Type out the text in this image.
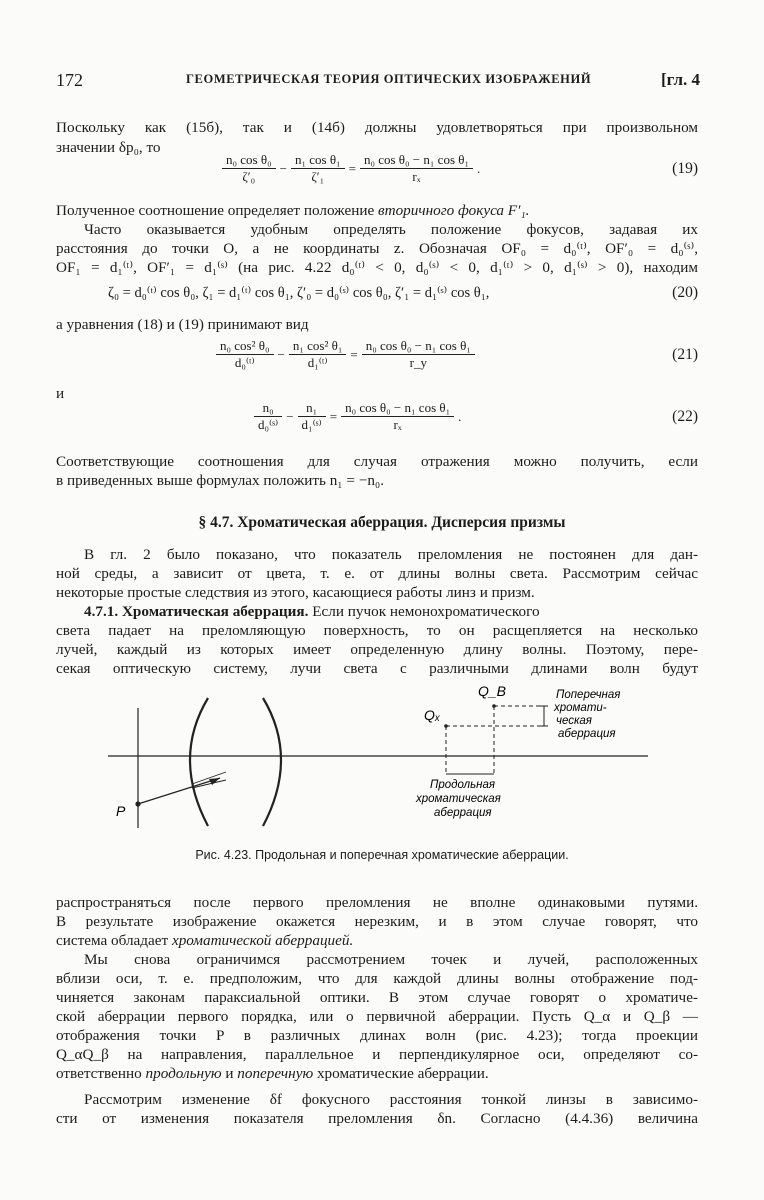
172	ГЕОМЕТРИЧЕСКАЯ ТЕОРИЯ ОПТИЧЕСКИХ ИЗОБРАЖЕНИЙ	[гл. 4
Поскольку как (15б), так и (14б) должны удовлетворяться при произвольном
значении δp₀, то
$\frac{\text{n₀ cos θ₀}}{\text{ζ′₀}} - \frac{\text{n₁ cos θ₁}}{\text{ζ′₁}} = \frac{\text{n₀ cos θ₀ − n₁ cos θ₁}}{\text{rₓ}}$ .	(19)
Полученное соотношение определяет положение вторичного фокуса F′₁.
Часто оказывается удобным определять положение фокусов, задавая их
расстояния до точки O, а не координаты z. Обозначая OF₀ = d₀⁽ᵗ⁾, OF′₀ = d₀⁽ˢ⁾,
OF₁ = d₁⁽ᵗ⁾, OF′₁ = d₁⁽ˢ⁾ (на рис. 4.22 d₀⁽ᵗ⁾ < 0, d₀⁽ˢ⁾ < 0, d₁⁽ᵗ⁾ > 0, d₁⁽ˢ⁾ > 0), находим
ζ₀ = d₀⁽ᵗ⁾ cos θ₀, ζ₁ = d₁⁽ᵗ⁾ cos θ₁, ζ′₀ = d₀⁽ˢ⁾ cos θ₀, ζ′₁ = d₁⁽ˢ⁾ cos θ₁,	(20)
а уравнения (18) и (19) принимают вид
$\frac{\text{n₀ cos² θ₀}}{\text{d₀⁽ᵗ⁾}} - \frac{\text{n₁ cos² θ₁}}{\text{d₁⁽ᵗ⁾}} = \frac{\text{n₀ cos θ₀ − n₁ cos θ₁}}{r\_y}$	(21)
и
$\frac{\text{n₀}}{\text{d₀⁽ˢ⁾}} - \frac{\text{n₁}}{\text{d₁⁽ˢ⁾}} = \frac{\text{n₀ cos θ₀ − n₁ cos θ₁}}{\text{rₓ}}$ .	(22)
Соответствующие соотношения для случая отражения можно получить, если
в приведенных выше формулах положить n₁ = −n₀.
§ 4.7. Хроматическая аберрация. Дисперсия призмы
В гл. 2 было показано, что показатель преломления не постоянен для дан-
ной среды, а зависит от цвета, т. е. от длины волны света. Рассмотрим сейчас
некоторые простые следствия из этого, касающиеся работы линз и призм.
4.7.1. Хроматическая аберрация. Если пучок немонохроматического
света падает на преломляющую поверхность, то он расщепляется на несколько
лучей, каждый из которых имеет определенную длину волны. Поэтому, пере-
секая оптическую систему, лучи света с различными длинами волн будут
P
Qₓ
Q_B	Поперечная
хромати-
ческая
аберрация
Продольная
хроматическая
аберрация
Рис. 4.23. Продольная и поперечная хроматические аберрации.
распространяться после первого преломления не вполне одинаковыми путями.
В результате изображение окажется нерезким, и в этом случае говорят, что
система обладает хроматической аберрацией.
Мы снова ограничимся рассмотрением точек и лучей, расположенных
вблизи оси, т. е. предположим, что для каждой длины волны отображение под-
чиняется законам параксиальной оптики. В этом случае говорят о хроматиче-
ской аберрации первого порядка, или о первичной аберрации. Пусть Q_α и Q_β —
отображения точки P в различных длинах волн (рис. 4.23); тогда проекции
Q_αQ_β на направления, параллельное и перпендикулярное оси, определяют со-
ответственно продольную и поперечную хроматические аберрации.
Рассмотрим изменение δf фокусного расстояния тонкой линзы в зависимо-
сти от изменения показателя преломления δn. Согласно (4.4.36) величина
